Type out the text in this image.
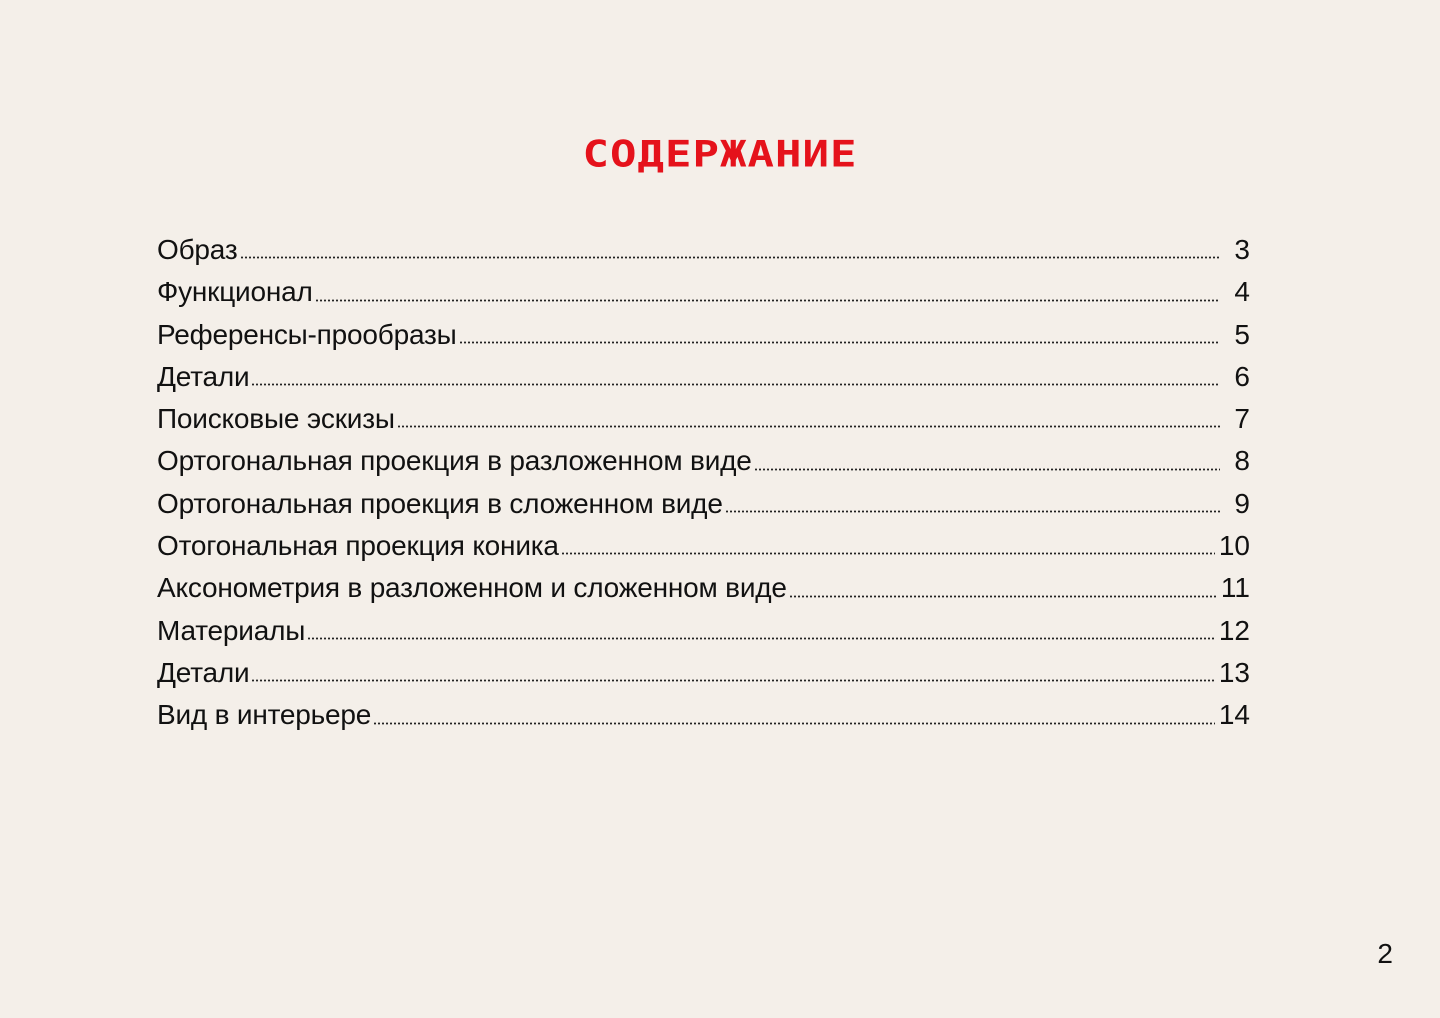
СОДЕРЖАНИЕ
Образ	3
Функционал	4
Референсы-прообразы	5
Детали	6
Поисковые эскизы	7
Ортогональная проекция в разложенном виде	8
Ортогональная проекция в сложенном виде	9
Отогональная проекция коника	10
Аксонометрия в разложенном и сложенном виде	11
Материалы	12
Детали	13
Вид в интерьере	14
2
